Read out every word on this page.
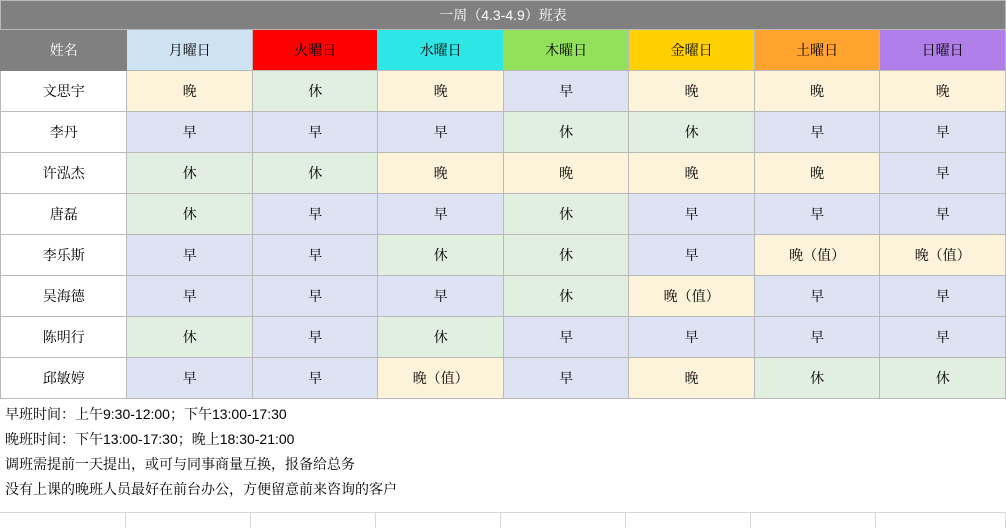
一周（4.3-4.9）班表							
姓名	月曜日	火曜日	水曜日	木曜日	金曜日	土曜日	日曜日
文思宇	晚	休	晚	早	晚	晚	晚
李丹	早	早	早	休	休	早	早
许泓杰	休	休	晚	晚	晚	晚	早
唐磊	休	早	早	休	早	早	早
李乐斯	早	早	休	休	早	晚（值）	晚（值）
吴海德	早	早	早	休	晚（值）	早	早
陈明行	休	早	休	早	早	早	早
邱敏婷	早	早	晚（值）	早	晚	休	休
早班时间：上午9:30-12:00；下午13:00-17:30
晚班时间：下午13:00-17:30；晚上18:30-21:00
调班需提前一天提出，或可与同事商量互换，报备给总务
没有上课的晚班人员最好在前台办公，方便留意前来咨询的客户
